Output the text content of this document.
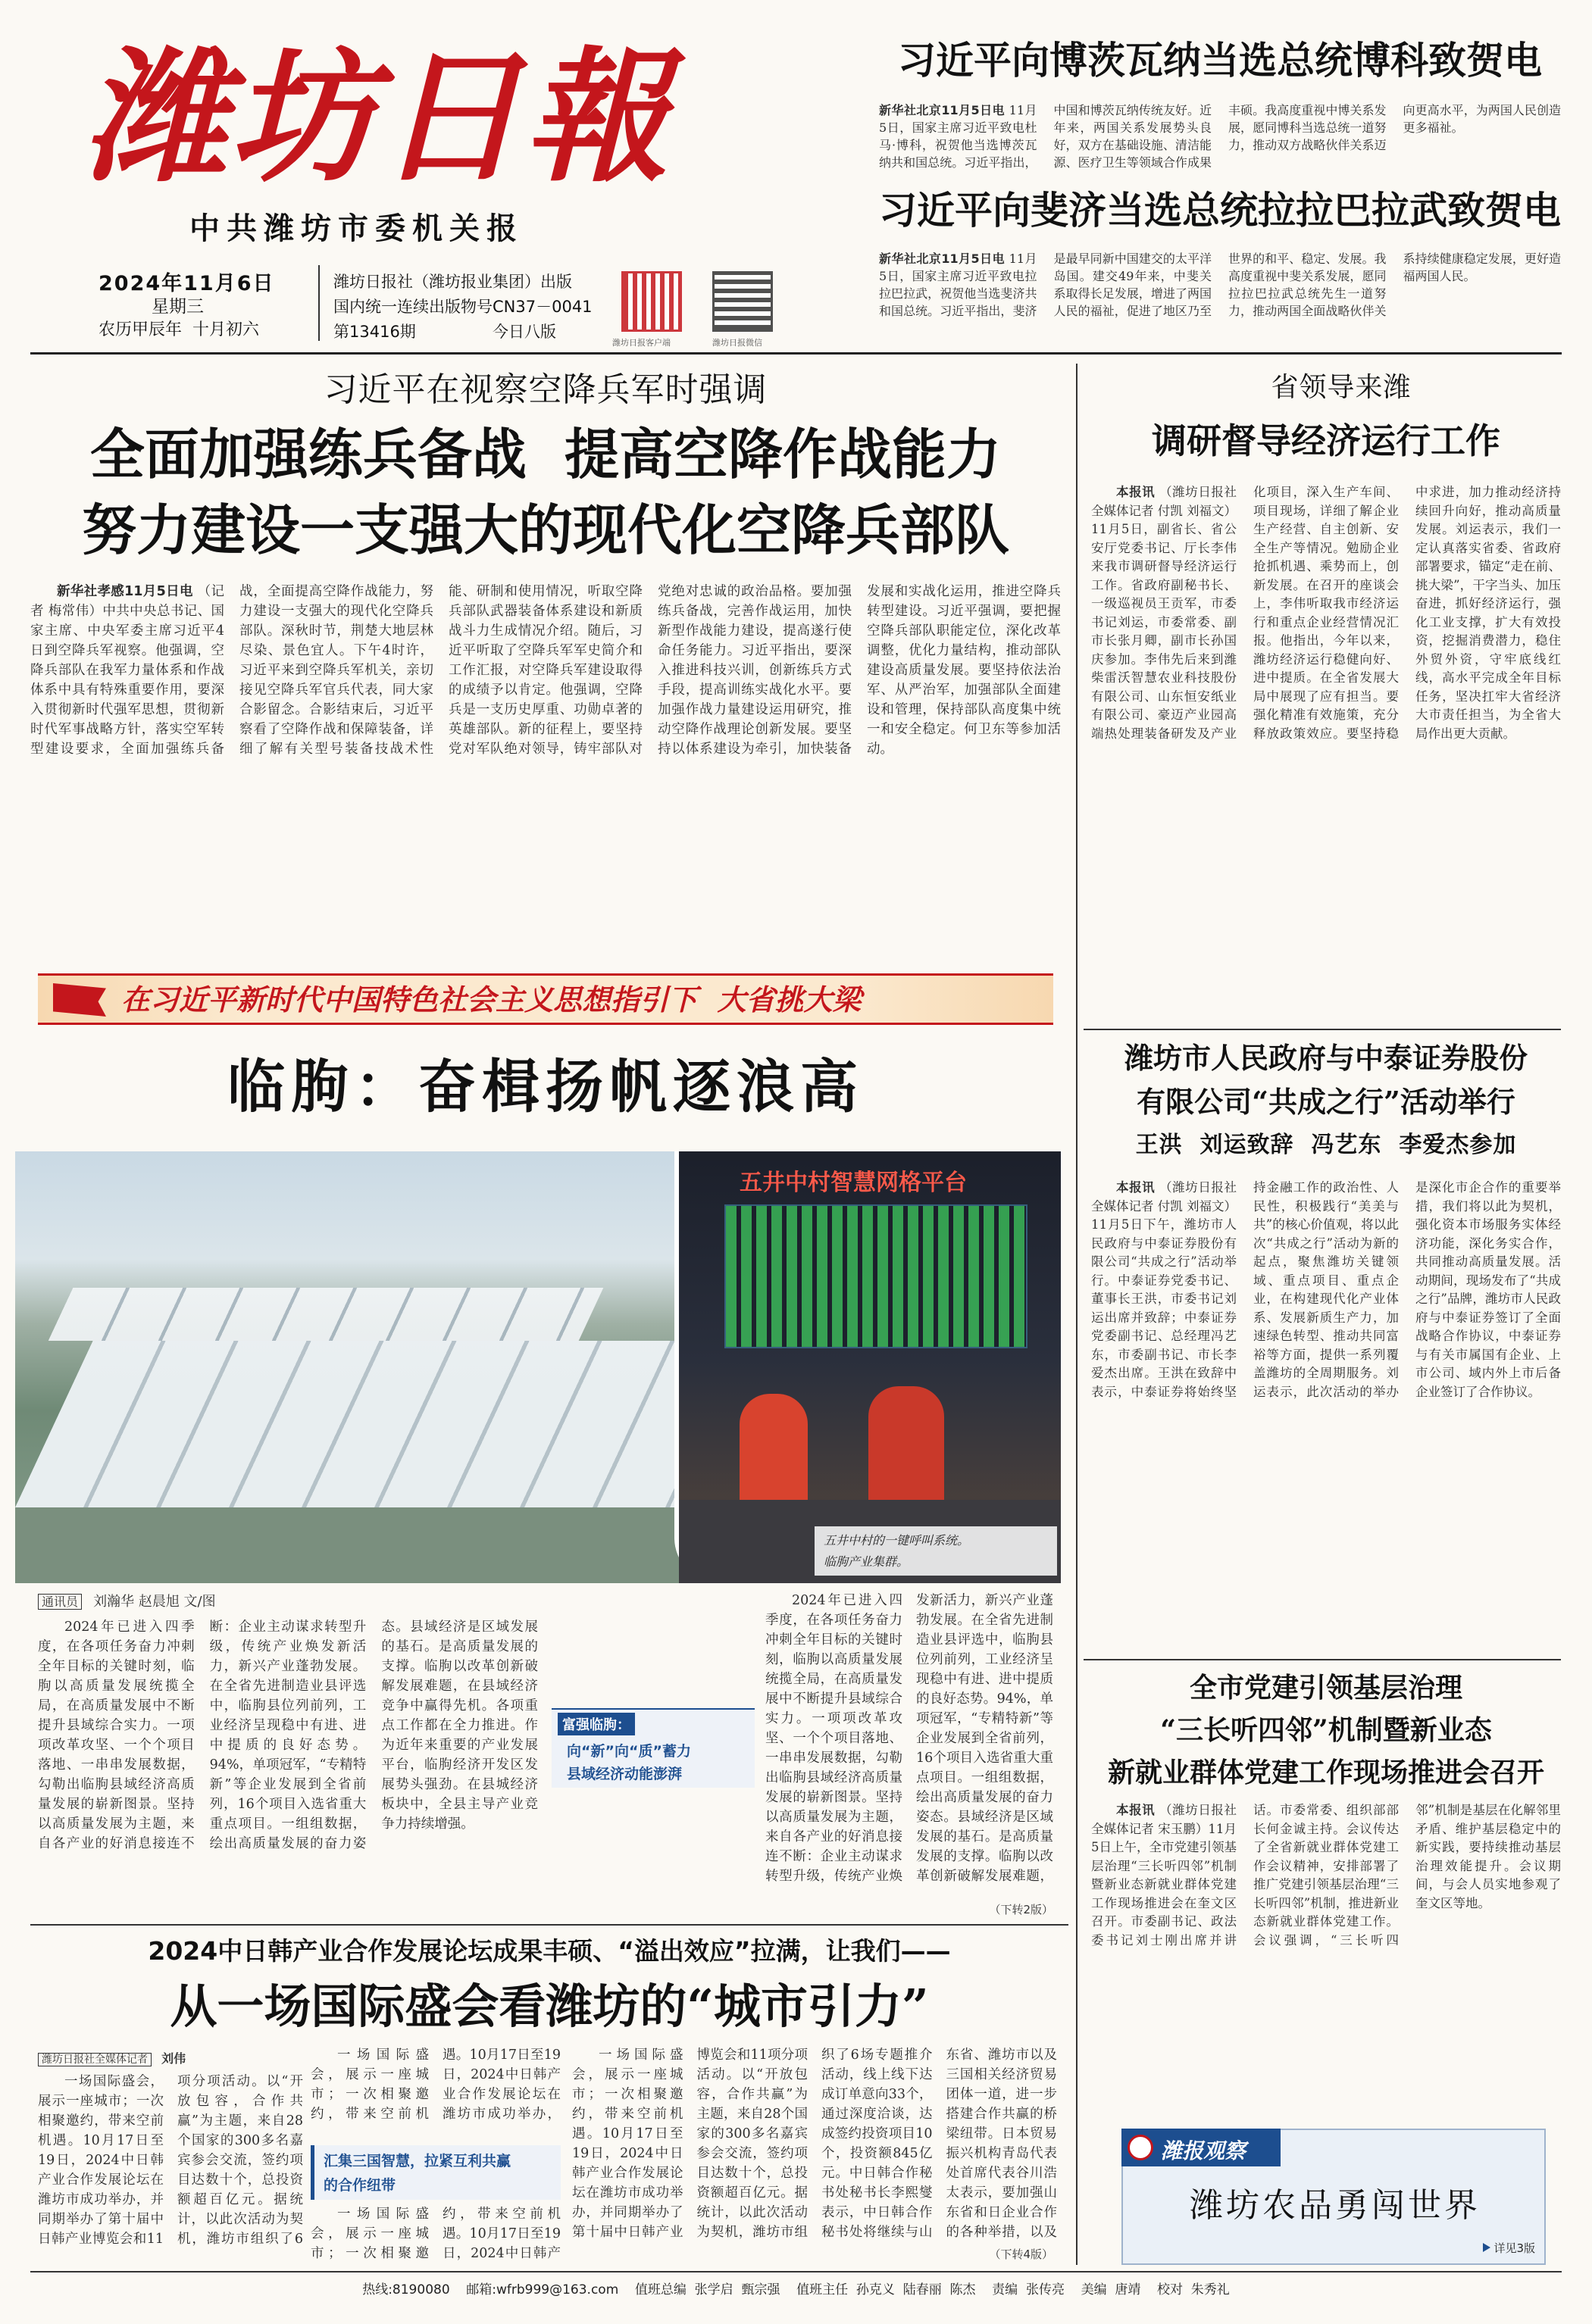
潍坊日報
中共潍坊市委机关报
2024年11月6日
星期三
农历甲辰年  十月初六
潍坊日报社（潍坊报业集团）出版
国内统一连续出版物号CN37－0041
第13416期	今日八版
潍坊日报客户端	潍坊日报微信
习近平向博茨瓦纳当选总统博科致贺电
新华社北京11月5日电 11月5日，国家主席习近平致电杜马·博科，祝贺他当选博茨瓦纳共和国总统。习近平指出，中国和博茨瓦纳传统友好。近年来，两国关系发展势头良好，双方在基础设施、清洁能源、医疗卫生等领域合作成果丰硕。我高度重视中博关系发展，愿同博科当选总统一道努力，推动双方战略伙伴关系迈向更高水平，为两国人民创造更多福祉。
习近平向斐济当选总统拉拉巴拉武致贺电
新华社北京11月5日电 11月5日，国家主席习近平致电拉拉巴拉武，祝贺他当选斐济共和国总统。习近平指出，斐济是最早同新中国建交的太平洋岛国。建交49年来，中斐关系取得长足发展，增进了两国人民的福祉，促进了地区乃至世界的和平、稳定、发展。我高度重视中斐关系发展，愿同拉拉巴拉武总统先生一道努力，推动两国全面战略伙伴关系持续健康稳定发展，更好造福两国人民。
习近平在视察空降兵军时强调
全面加强练兵备战  提高空降作战能力
努力建设一支强大的现代化空降兵部队
新华社孝感11月5日电 （记者 梅常伟）中共中央总书记、国家主席、中央军委主席习近平4日到空降兵军视察。他强调，空降兵部队在我军力量体系和作战体系中具有特殊重要作用，要深入贯彻新时代强军思想，贯彻新时代军事战略方针，落实空军转型建设要求，全面加强练兵备战，全面提高空降作战能力，努力建设一支强大的现代化空降兵部队。深秋时节，荆楚大地层林尽染、景色宜人。下午4时许，习近平来到空降兵军机关，亲切接见空降兵军官兵代表，同大家合影留念。合影结束后，习近平察看了空降作战和保障装备，详细了解有关型号装备技战术性能、研制和使用情况，听取空降兵部队武器装备体系建设和新质战斗力生成情况介绍。随后，习近平听取了空降兵军军史简介和工作汇报，对空降兵军建设取得的成绩予以肯定。他强调，空降兵是一支历史厚重、功勋卓著的英雄部队。新的征程上，要坚持党对军队绝对领导，铸牢部队对党绝对忠诚的政治品格。要加强练兵备战，完善作战运用，加快新型作战能力建设，提高遂行使命任务能力。习近平指出，要深入推进科技兴训，创新练兵方式手段，提高训练实战化水平。要加强作战力量建设运用研究，推动空降作战理论创新发展。要坚持以体系建设为牵引，加快装备发展和实战化运用，推进空降兵转型建设。习近平强调，要把握空降兵部队职能定位，深化改革调整，优化力量结构，推动部队建设高质量发展。要坚持依法治军、从严治军，加强部队全面建设和管理，保持部队高度集中统一和安全稳定。何卫东等参加活动。
在习近平新时代中国特色社会主义思想指引下  大省挑大梁
临朐：奋楫扬帆逐浪高
五井中村智慧网格平台
五井中村的一键呼叫系统。
临朐产业集群。
通讯员 刘瀚华 赵晨旭 文/图
富强临朐：
向“新”向“质”蓄力
县域经济动能澎湃
2024年已进入四季度，在各项任务奋力冲刺全年目标的关键时刻，临朐以高质量发展统揽全局，在高质量发展中不断提升县域综合实力。一项项改革攻坚、一个个项目落地、一串串发展数据，勾勒出临朐县域经济高质量发展的崭新图景。坚持以高质量发展为主题，来自各产业的好消息接连不断：企业主动谋求转型升级，传统产业焕发新活力，新兴产业蓬勃发展。在全省先进制造业县评选中，临朐县位列前列，工业经济呈现稳中有进、进中提质的良好态势。94%，单项冠军，“专精特新”等企业发展到全省前列，16个项目入选省重大重点项目。一组组数据，绘出高质量发展的奋力姿态。县域经济是区域发展的基石。是高质量发展的支撑。临朐以改革创新破解发展难题，在县域经济竞争中赢得先机。各项重点工作都在全力推进。作为近年来重要的产业发展平台，临朐经济开发区发展势头强劲。在县城经济板块中，全县主导产业竞争力持续增强。
2024年已进入四季度，在各项任务奋力冲刺全年目标的关键时刻，临朐以高质量发展统揽全局，在高质量发展中不断提升县域综合实力。一项项改革攻坚、一个个项目落地、一串串发展数据，勾勒出临朐县域经济高质量发展的崭新图景。坚持以高质量发展为主题，来自各产业的好消息接连不断：企业主动谋求转型升级，传统产业焕发新活力，新兴产业蓬勃发展。在全省先进制造业县评选中，临朐县位列前列，工业经济呈现稳中有进、进中提质的良好态势。94%，单项冠军，“专精特新”等企业发展到全省前列，16个项目入选省重大重点项目。一组组数据，绘出高质量发展的奋力姿态。县域经济是区域发展的基石。是高质量发展的支撑。临朐以改革创新破解发展难题，
（下转2版）
2024中日韩产业合作发展论坛成果丰硕、“溢出效应”拉满，让我们——
从一场国际盛会看潍坊的“城市引力”
潍坊日报社全媒体记者 刘伟
汇集三国智慧，拉紧互利共赢
的合作纽带
一场国际盛会，展示一座城市；一次相聚邀约，带来空前机遇。10月17日至19日，2024中日韩产业合作发展论坛在潍坊市成功举办，并同期举办了第十届中日韩产业博览会和11项分项活动。以“开放包容，合作共赢”为主题，来自28个国家的300多名嘉宾参会交流，签约项目达数十个，总投资额超百亿元。据统计，以此次活动为契机，潍坊市组织了6
一场国际盛会，展示一座城市；一次相聚邀约，带来空前机遇。10月17日至19日，2024中日韩产业合作发展论坛在潍坊市成功举办，
一场国际盛会，展示一座城市；一次相聚邀约，带来空前机遇。10月17日至19日，2024中日韩产
一场国际盛会，展示一座城市；一次相聚邀约，带来空前机遇。10月17日至19日，2024中日韩产业合作发展论坛在潍坊市成功举办，并同期举办了第十届中日韩产业博览会和11项分项活动。以“开放包容，合作共赢”为主题，来自28个国家的300多名嘉宾参会交流，签约项目达数十个，总投资额超百亿元。据统计，以此次活动为契机，潍坊市组织了6场专题推介活动，线上线下达成订单意向33个，通过深度洽谈，达成签约投资项目10个，投资额845亿元。中日韩合作秘书处秘书长李熙燮表示，中日韩合作秘书处将继续与山东省、潍坊市以及三国相关经济贸易团体一道，进一步搭建合作共赢的桥梁纽带。日本贸易振兴机构青岛代表处首席代表谷川浩太表示，要加强山东省和日企业合作的各种举措，以及
（下转4版）
省领导来潍
调研督导经济运行工作
本报讯 （潍坊日报社全媒体记者 付凯 刘福文）11月5日，副省长、省公安厅党委书记、厅长李伟来我市调研督导经济运行工作。省政府副秘书长、一级巡视员王贡军，市委书记刘运，市委常委、副市长张月卿，副市长孙国庆参加。李伟先后来到潍柴雷沃智慧农业科技股份有限公司、山东恒安纸业有限公司、豪迈产业园高端热处理装备研发及产业化项目，深入生产车间、项目现场，详细了解企业生产经营、自主创新、安全生产等情况。勉励企业抢抓机遇、乘势而上，创新发展。在召开的座谈会上，李伟听取我市经济运行和重点企业经营情况汇报。他指出，今年以来，潍坊经济运行稳健向好、进中提质。在全省发展大局中展现了应有担当。要强化精准有效施策，充分释放政策效应。要坚持稳中求进，加力推动经济持续回升向好，推动高质量发展。刘运表示，我们一定认真落实省委、省政府部署要求，锚定“走在前、挑大梁”，干字当头、加压奋进，抓好经济运行，强化工业支撑，扩大有效投资，挖掘消费潜力，稳住外贸外资，守牢底线红线，高水平完成全年目标任务，坚决扛牢大省经济大市责任担当，为全省大局作出更大贡献。
潍坊市人民政府与中泰证券股份
有限公司“共成之行”活动举行
王洪  刘运致辞  冯艺东  李爱杰参加
本报讯 （潍坊日报社全媒体记者 付凯 刘福文）11月5日下午，潍坊市人民政府与中泰证券股份有限公司“共成之行”活动举行。中泰证券党委书记、董事长王洪，市委书记刘运出席并致辞；中泰证券党委副书记、总经理冯艺东，市委副书记、市长李爱杰出席。王洪在致辞中表示，中泰证券将始终坚持金融工作的政治性、人民性，积极践行“美美与共”的核心价值观，将以此次“共成之行”活动为新的起点，聚焦潍坊关键领域、重点项目、重点企业，在构建现代化产业体系、发展新质生产力，加速绿色转型、推动共同富裕等方面，提供一系列覆盖潍坊的全周期服务。刘运表示，此次活动的举办是深化市企合作的重要举措，我们将以此为契机，强化资本市场服务实体经济功能，深化务实合作，共同推动高质量发展。活动期间，现场发布了“共成之行”品牌，潍坊市人民政府与中泰证券签订了全面战略合作协议，中泰证券与有关市属国有企业、上市公司、域内外上市后备企业签订了合作协议。
全市党建引领基层治理
“三长听四邻”机制暨新业态
新就业群体党建工作现场推进会召开
本报讯 （潍坊日报社全媒体记者 宋玉鹏）11月5日上午，全市党建引领基层治理“三长听四邻”机制暨新业态新就业群体党建工作现场推进会在奎文区召开。市委副书记、政法委书记刘士刚出席并讲话。市委常委、组织部部长何金诚主持。会议传达了全省新就业群体党建工作会议精神，安排部署了推广党建引领基层治理“三长听四邻”机制，推进新业态新就业群体党建工作。会议强调，“三长听四邻”机制是基层在化解邻里矛盾、维护基层稳定中的新实践，要持续推动基层治理效能提升。会议期间，与会人员实地参观了奎文区等地。
潍报观察
潍坊农品勇闯世界
详见3版
热线:8190080    邮箱:wfrb999@163.com    值班总编  张学启  甄宗强    值班主任  孙克义  陆春丽  陈杰    责编  张传亮    美编  唐靖    校对  朱秀礼
